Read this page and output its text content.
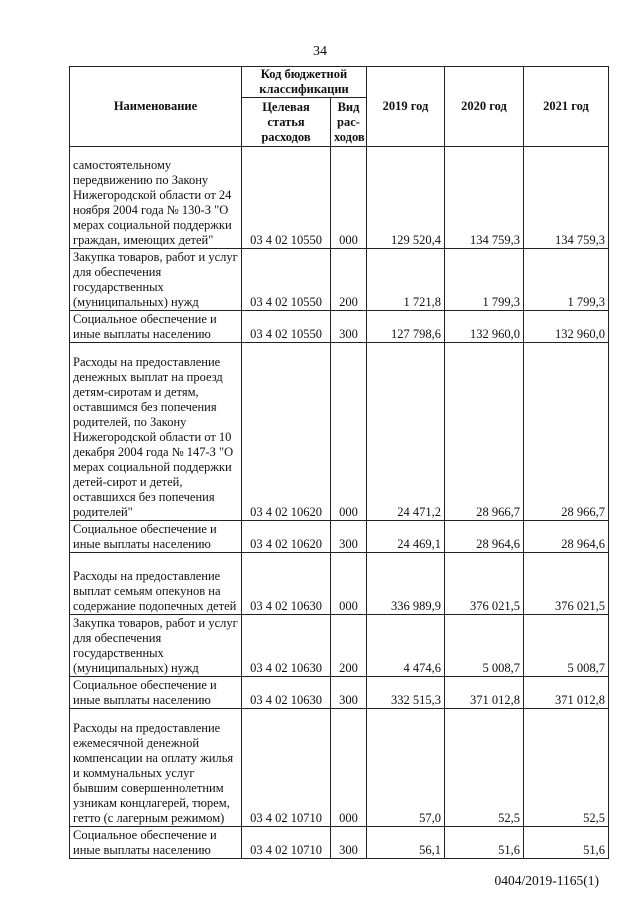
34
Наименование	Код бюджетной классификации		2019 год	2020 год	2021 год
	Целевая статья расходов	Вид рас-ходов			
самостоятельному передвижению по Закону Нижегородской области от 24 ноября 2004 года № 130-З "О мерах социальной поддержки граждан, имеющих детей"	03 4 02 10550	000	129 520,4	134 759,3	134 759,3
Закупка товаров, работ и услуг для обеспечения государственных (муниципальных) нужд	03 4 02 10550	200	1 721,8	1 799,3	1 799,3
Социальное обеспечение и иные выплаты населению	03 4 02 10550	300	127 798,6	132 960,0	132 960,0
Расходы на предоставление денежных выплат на проезд детям-сиротам и детям, оставшимся без попечения родителей, по Закону Нижегородской области от 10 декабря 2004 года № 147-З "О мерах социальной поддержки детей-сирот и детей, оставшихся без попечения родителей"	03 4 02 10620	000	24 471,2	28 966,7	28 966,7
Социальное обеспечение и иные выплаты населению	03 4 02 10620	300	24 469,1	28 964,6	28 964,6
Расходы на предоставление выплат семьям опекунов на содержание подопечных детей	03 4 02 10630	000	336 989,9	376 021,5	376 021,5
Закупка товаров, работ и услуг для обеспечения государственных (муниципальных) нужд	03 4 02 10630	200	4 474,6	5 008,7	5 008,7
Социальное обеспечение и иные выплаты населению	03 4 02 10630	300	332 515,3	371 012,8	371 012,8
Расходы на предоставление ежемесячной денежной компенсации на оплату жилья и коммунальных услуг бывшим совершеннолетним узникам концлагерей, тюрем, гетто (с лагерным режимом)	03 4 02 10710	000	57,0	52,5	52,5
Социальное обеспечение и иные выплаты населению	03 4 02 10710	300	56,1	51,6	51,6
0404/2019-1165(1)
